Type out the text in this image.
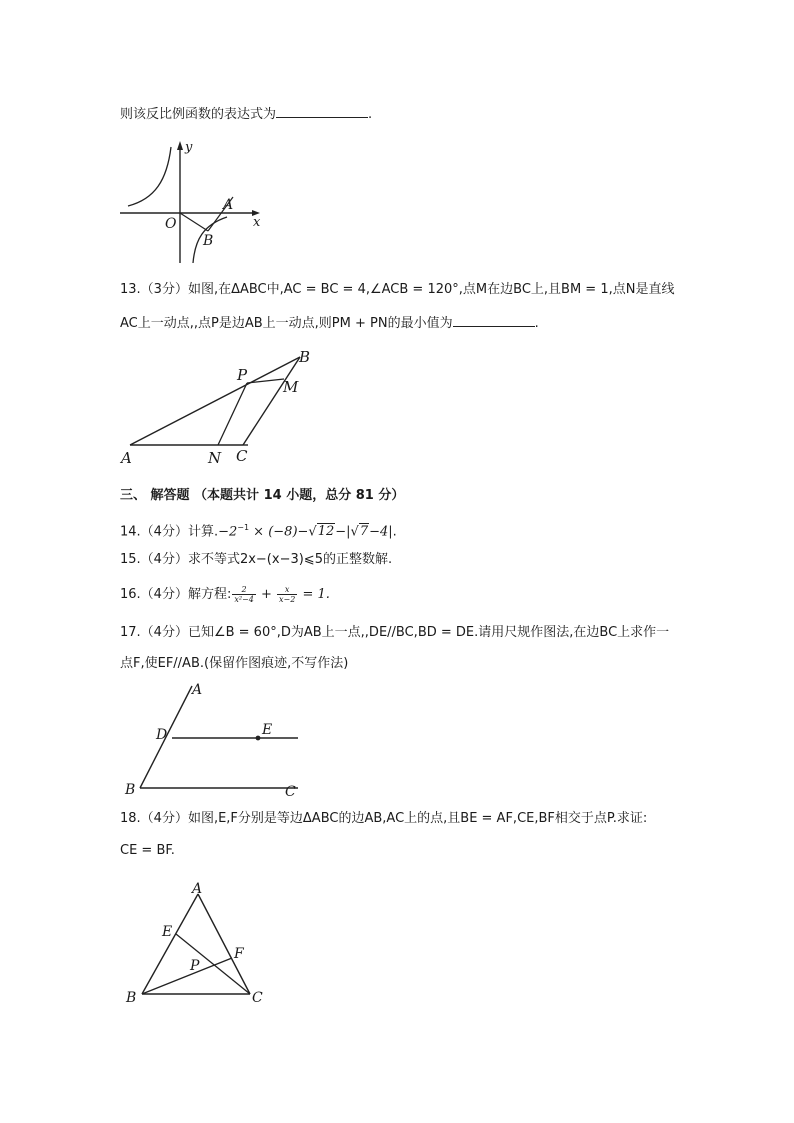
则该反比例函数的表达式为	.
y
x
O
A
B
13.（3分）如图,在ΔABC中,AC = BC = 4,∠ACB = 120°,点M在边BC上,且BM = 1,点N是直线
AC上一动点,,点P是边AB上一动点,则PM + PN的最小值为	.
B
P
M
A	N C
三、 解答题 （本题共计 14 小题，总分 81 分）
14.（4分）计算$.-2^{-1} \times (-8)-√12-|√7-4|$.
15.（4分）求不等式2x−(x−3)⩽5的正整数解.
16.（4分）解方程: $\frac{2}{\text{x²−4}} + \frac{x}{x-2} = 1$.
17.（4分）已知∠B = 60°,D为AB上一点,,DE//BC,BD = DE.请用尺规作图法,在边BC上求作一
点F,使EF//AB.(保留作图痕迹,不写作法)
A
D	E
B	C
18.（4分）如图,E,F分别是等边ΔABC的边AB,AC上的点,且BE = AF,CE,BF相交于点P.求证:
CE = BF.
A
E
F
P
B	C
